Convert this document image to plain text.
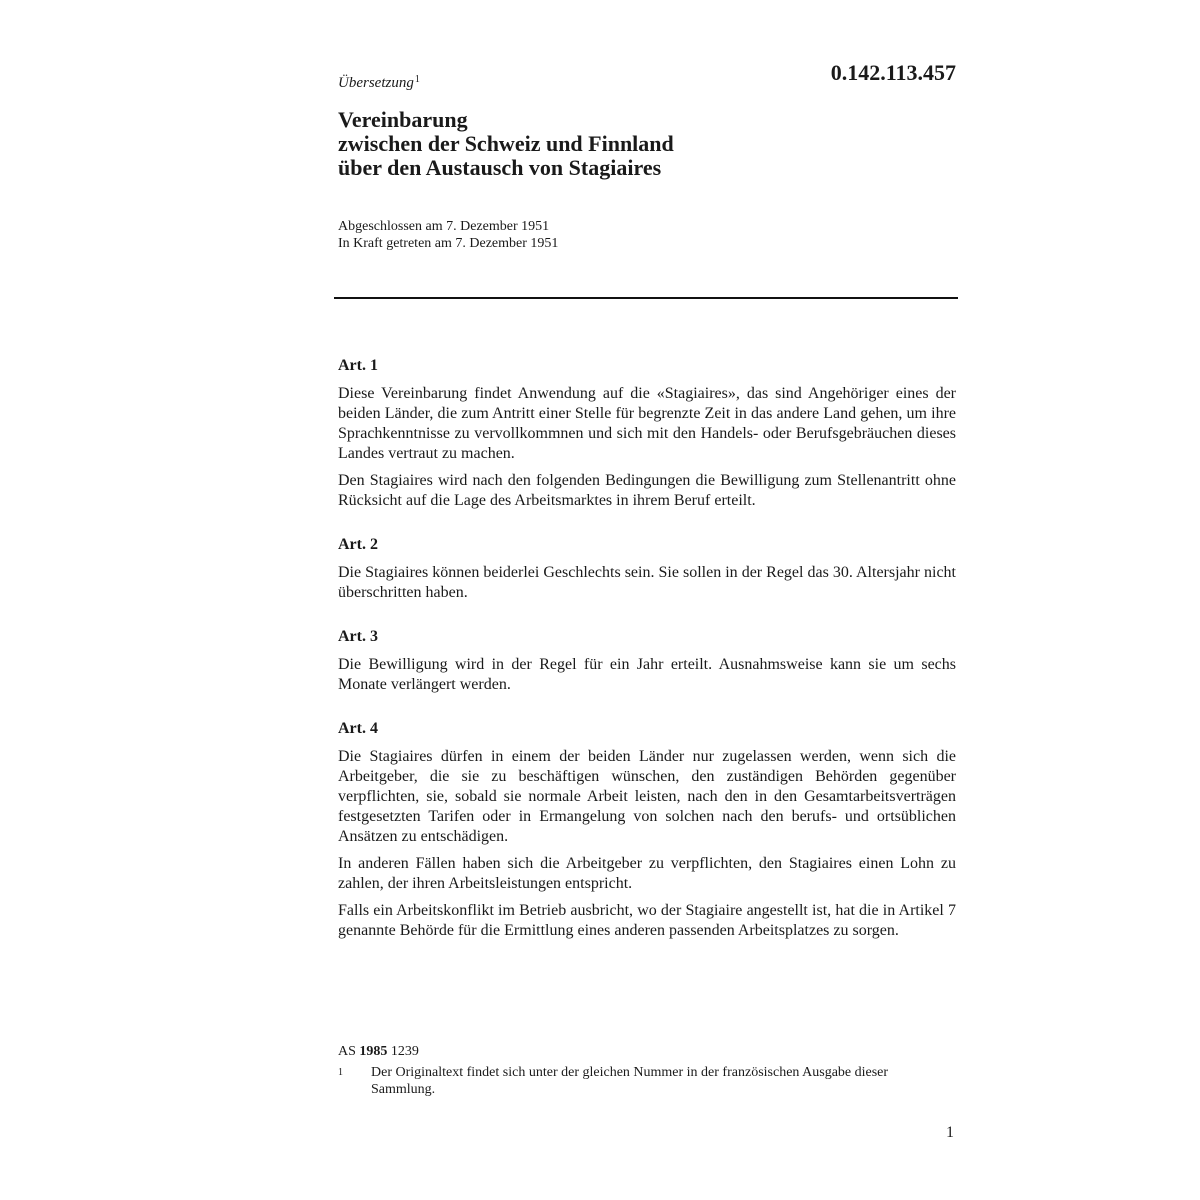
Übersetzung$^1$	0.142.113.457
Vereinbarung
zwischen der Schweiz und Finnland
über den Austausch von Stagiaires
Abgeschlossen am 7. Dezember 1951
In Kraft getreten am 7. Dezember 1951
Art. 1

Diese Vereinbarung findet Anwendung auf die «Stagiaires», das sind Angehöriger eines der beiden Länder, die zum Antritt einer Stelle für begrenzte Zeit in das andere Land gehen, um ihre Sprachkenntnisse zu vervollkommnen und sich mit den Handels- oder Berufsgebräuchen dieses Landes vertraut zu machen.

Den Stagiaires wird nach den folgenden Bedingungen die Bewilligung zum Stellenantritt ohne Rücksicht auf die Lage des Arbeitsmarktes in ihrem Beruf erteilt.

Art. 2

Die Stagiaires können beiderlei Geschlechts sein. Sie sollen in der Regel das 30. Altersjahr nicht überschritten haben.

Art. 3

Die Bewilligung wird in der Regel für ein Jahr erteilt. Ausnahmsweise kann sie um sechs Monate verlängert werden.

Art. 4

Die Stagiaires dürfen in einem der beiden Länder nur zugelassen werden, wenn sich die Arbeitgeber, die sie zu beschäftigen wünschen, den zuständigen Behörden gegenüber verpflichten, sie, sobald sie normale Arbeit leisten, nach den in den Gesamtarbeitsverträgen festgesetzten Tarifen oder in Ermangelung von solchen nach den berufs- und ortsüblichen Ansätzen zu entschädigen.

In anderen Fällen haben sich die Arbeitgeber zu verpflichten, den Stagiaires einen Lohn zu zahlen, der ihren Arbeitsleistungen entspricht.

Falls ein Arbeitskonflikt im Betrieb ausbricht, wo der Stagiaire angestellt ist, hat die in Artikel 7 genannte Behörde für die Ermittlung eines anderen passenden Arbeitsplatzes zu sorgen.

AS 1985 1239
1 Der Originaltext findet sich unter der gleichen Nummer in der französischen Ausgabe dieser Sammlung.
1
